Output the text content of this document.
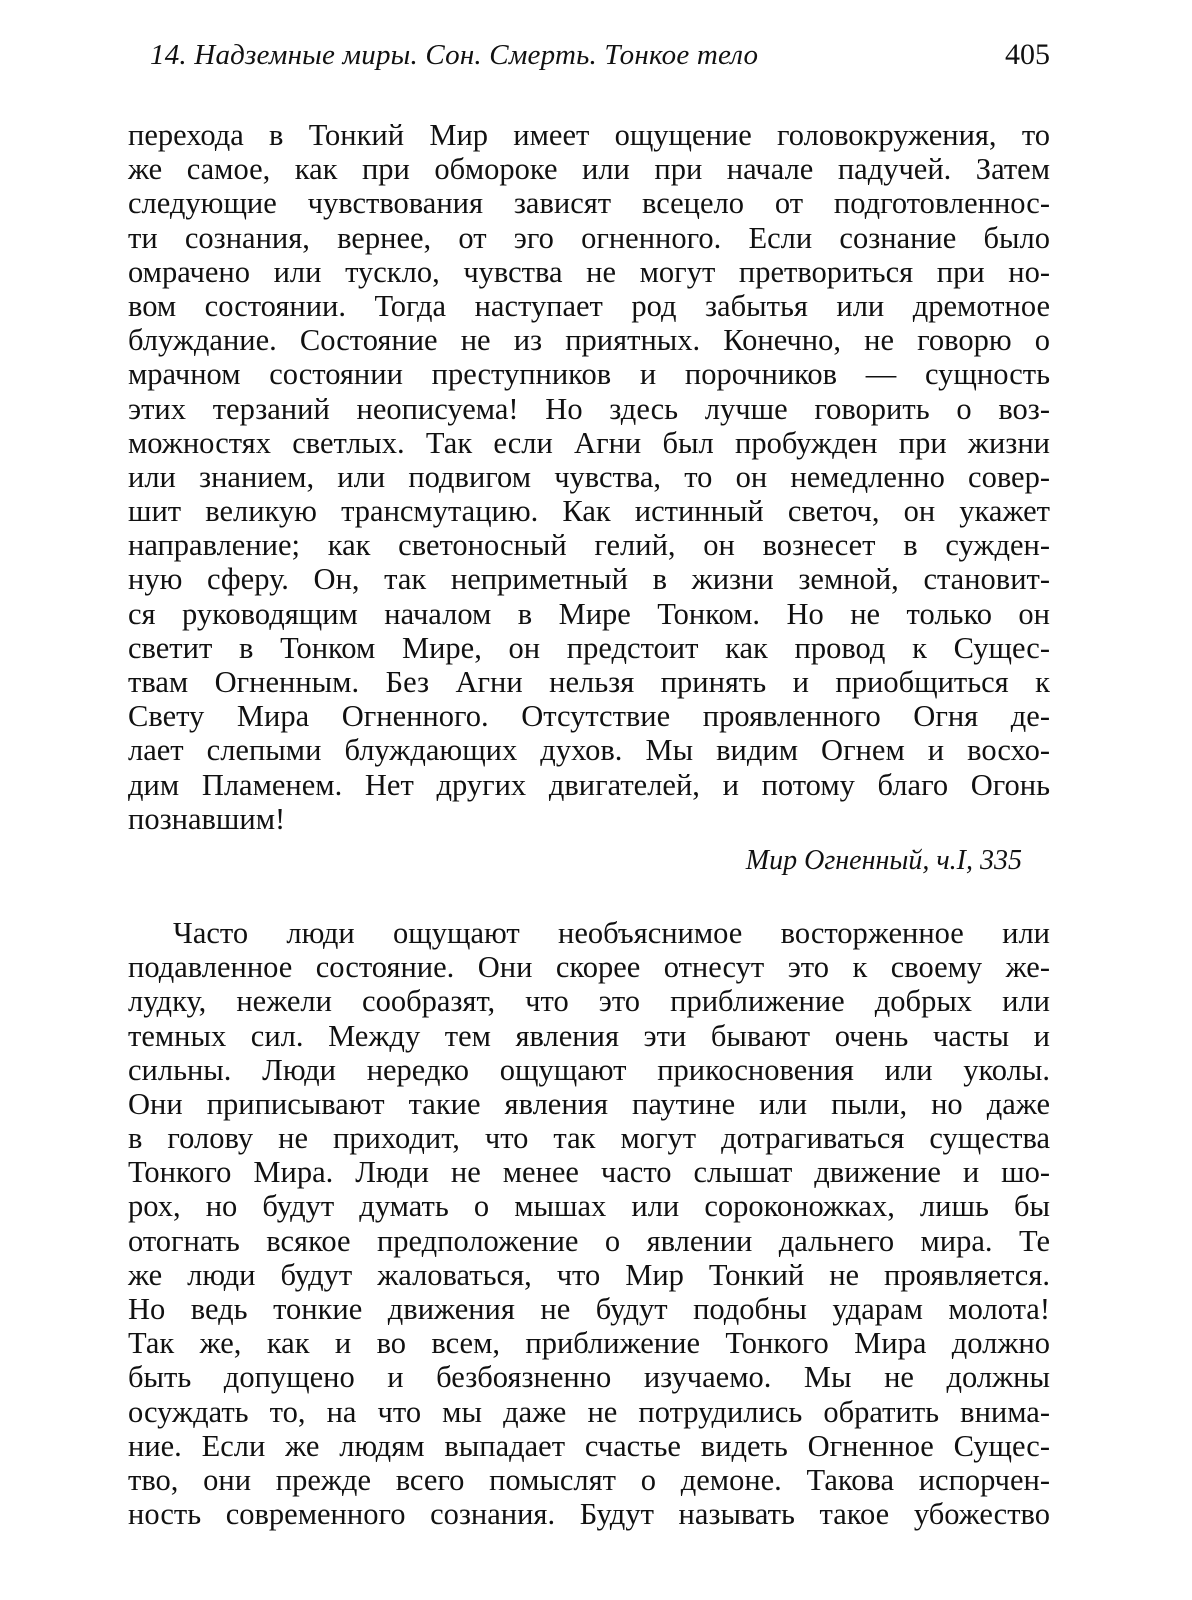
14. Надземные миры. Сон. Смерть. Тонкое тело	405
перехода в Тонкий Мир имеет ощущение головокружения, то
же самое, как при обмороке или при начале падучей. Затем
следующие чувствования зависят всецело от подготовленнос-
ти сознания, вернее, от эго огненного. Если сознание было
омрачено или тускло, чувства не могут претвориться при но-
вом состоянии. Тогда наступает род забытья или дремотное
блуждание. Состояние не из приятных. Конечно, не говорю о
мрачном состоянии преступников и порочников — сущность
этих терзаний неописуема! Но здесь лучше говорить о воз-
можностях светлых. Так если Агни был пробужден при жизни
или знанием, или подвигом чувства, то он немедленно совер-
шит великую трансмутацию. Как истинный светоч, он укажет
направление; как светоносный гелий, он вознесет в сужден-
ную сферу. Он, так неприметный в жизни земной, становит-
ся руководящим началом в Мире Тонком. Но не только он
светит в Тонком Мире, он предстоит как провод к Сущес-
твам Огненным. Без Агни нельзя принять и приобщиться к
Свету Мира Огненного. Отсутствие проявленного Огня де-
лает слепыми блуждающих духов. Мы видим Огнем и восхо-
дим Пламенем. Нет других двигателей, и потому благо Огонь
познавшим!
Мир Огненный, ч.I, 335
Часто люди ощущают необъяснимое восторженное или
подавленное состояние. Они скорее отнесут это к своему же-
лудку, нежели сообразят, что это приближение добрых или
темных сил. Между тем явления эти бывают очень часты и
сильны. Люди нередко ощущают прикосновения или уколы.
Они приписывают такие явления паутине или пыли, но даже
в голову не приходит, что так могут дотрагиваться существа
Тонкого Мира. Люди не менее часто слышат движение и шо-
рох, но будут думать о мышах или сороконожках, лишь бы
отогнать всякое предположение о явлении дальнего мира. Те
же люди будут жаловаться, что Мир Тонкий не проявляется.
Но ведь тонкие движения не будут подобны ударам молота!
Так же, как и во всем, приближение Тонкого Мира должно
быть допущено и безбоязненно изучаемо. Мы не должны
осуждать то, на что мы даже не потрудились обратить внима-
ние. Если же людям выпадает счастье видеть Огненное Сущес-
тво, они прежде всего помыслят о демоне. Такова испорчен-
ность современного сознания. Будут называть такое убожество
